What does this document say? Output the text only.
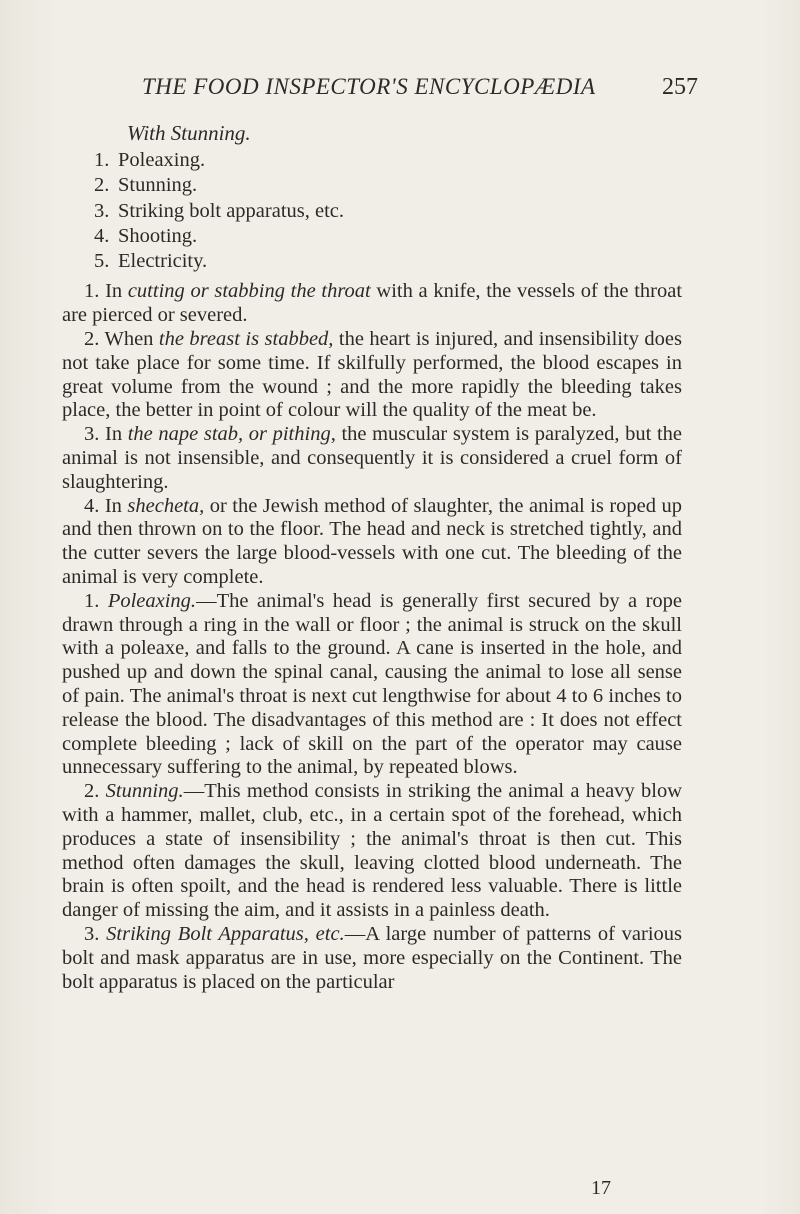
THE FOOD INSPECTOR'S ENCYCLOPÆDIA	257
With Stunning.
1. Poleaxing.
2. Stunning.
3. Striking bolt apparatus, etc.
4. Shooting.
5. Electricity.

1. In cutting or stabbing the throat with a knife, the vessels of the throat are pierced or severed.

2. When the breast is stabbed, the heart is injured, and insensibility does not take place for some time. If skilfully performed, the blood escapes in great volume from the wound ; and the more rapidly the bleeding takes place, the better in point of colour will the quality of the meat be.

3. In the nape stab, or pithing, the muscular system is paralyzed, but the animal is not insensible, and consequently it is considered a cruel form of slaughtering.

4. In shecheta, or the Jewish method of slaughter, the animal is roped up and then thrown on to the floor. The head and neck is stretched tightly, and the cutter severs the large blood-vessels with one cut. The bleeding of the animal is very complete.

1. Poleaxing.—The animal's head is generally first secured by a rope drawn through a ring in the wall or floor ; the animal is struck on the skull with a poleaxe, and falls to the ground. A cane is inserted in the hole, and pushed up and down the spinal canal, causing the animal to lose all sense of pain. The animal's throat is next cut lengthwise for about 4 to 6 inches to release the blood. The disadvantages of this method are : It does not effect complete bleeding ; lack of skill on the part of the operator may cause unnecessary suffering to the animal, by repeated blows.

2. Stunning.—This method consists in striking the animal a heavy blow with a hammer, mallet, club, etc., in a certain spot of the forehead, which produces a state of insensibility ; the animal's throat is then cut. This method often damages the skull, leaving clotted blood underneath. The brain is often spoilt, and the head is rendered less valuable. There is little danger of missing the aim, and it assists in a painless death.

3. Striking Bolt Apparatus, etc.—A large number of patterns of various bolt and mask apparatus are in use, more especially on the Continent. The bolt apparatus is placed on the particular

17
